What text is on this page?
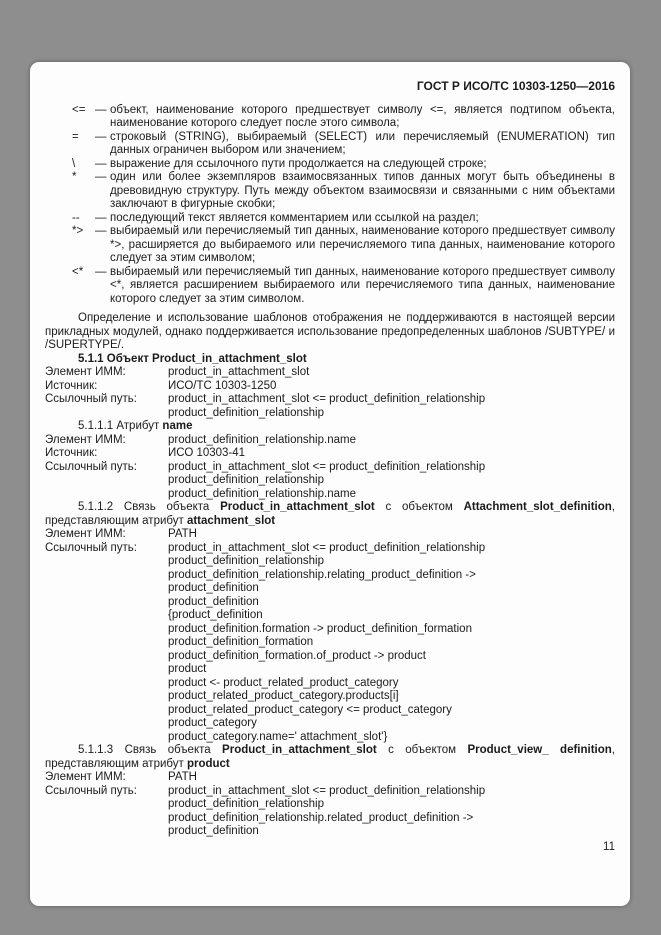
ГОСТ Р ИСО/ТС 10303-1250—2016
<= — объект, наименование которого предшествует символу <=, является подтипом объекта, наименование которого следует после этого символа;
=	— строковый (STRING), выбираемый (SELECT) или перечисляемый (ENUMERATION) тип данных ограничен выбором или значением;
\	— выражение для ссылочного пути продолжается на следующей строке;
*	— один или более экземпляров взаимосвязанных типов данных могут быть объединены в древовидную структуру. Путь между объектом взаимосвязи и связанными с ним объектами заключают в фигурные скобки;
--	— последующий текст является комментарием или ссылкой на раздел;
*>	— выбираемый или перечисляемый тип данных, наименование которого предшествует символу *>, расширяется до выбираемого или перечисляемого типа данных, наименование которого следует за этим символом;
<*	— выбираемый или перечисляемый тип данных, наименование которого предшествует символу <*, является расширением выбираемого или перечисляемого типа данных, наименование которого следует за этим символом.

Определение и использование шаблонов отображения не поддерживаются в настоящей версии прикладных модулей, однако поддерживается использование предопределенных шаблонов /SUBTYPE/ и /SUPERTYPE/.

5.1.1 Объект Product_in_attachment_slot
Элемент ИММ:	product_in_attachment_slot
Источник:	ИСО/ТС 10303-1250
Ссылочный путь:	product_in_attachment_slot <= product_definition_relationship
product_definition_relationship
5.1.1.1 Атрибут name
Элемент ИММ:	product_definition_relationship.name
Источник:	ИСО 10303-41
Ссылочный путь:	product_in_attachment_slot <= product_definition_relationship
product_definition_relationship
product_definition_relationship.name
5.1.1.2 Связь объекта Product_in_attachment_slot с объектом Attachment_slot_definition, представляющим атрибут attachment_slot
Элемент ИММ:	PATH
Ссылочный путь:	product_in_attachment_slot <= product_definition_relationship
product_definition_relationship
product_definition_relationship.relating_product_definition ->
product_definition
product_definition
{product_definition
product_definition.formation -> product_definition_formation
product_definition_formation
product_definition_formation.of_product -> product
product
product <- product_related_product_category
product_related_product_category.products[i]
product_related_product_category <= product_category
product_category
product_category.name=' attachment_slot'}
5.1.1.3 Связь объекта Product_in_attachment_slot с объектом Product_view_ definition, представляющим атрибут product
Элемент ИММ:	PATH
Ссылочный путь:	product_in_attachment_slot <= product_definition_relationship
product_definition_relationship
product_definition_relationship.related_product_definition ->
product_definition
11
